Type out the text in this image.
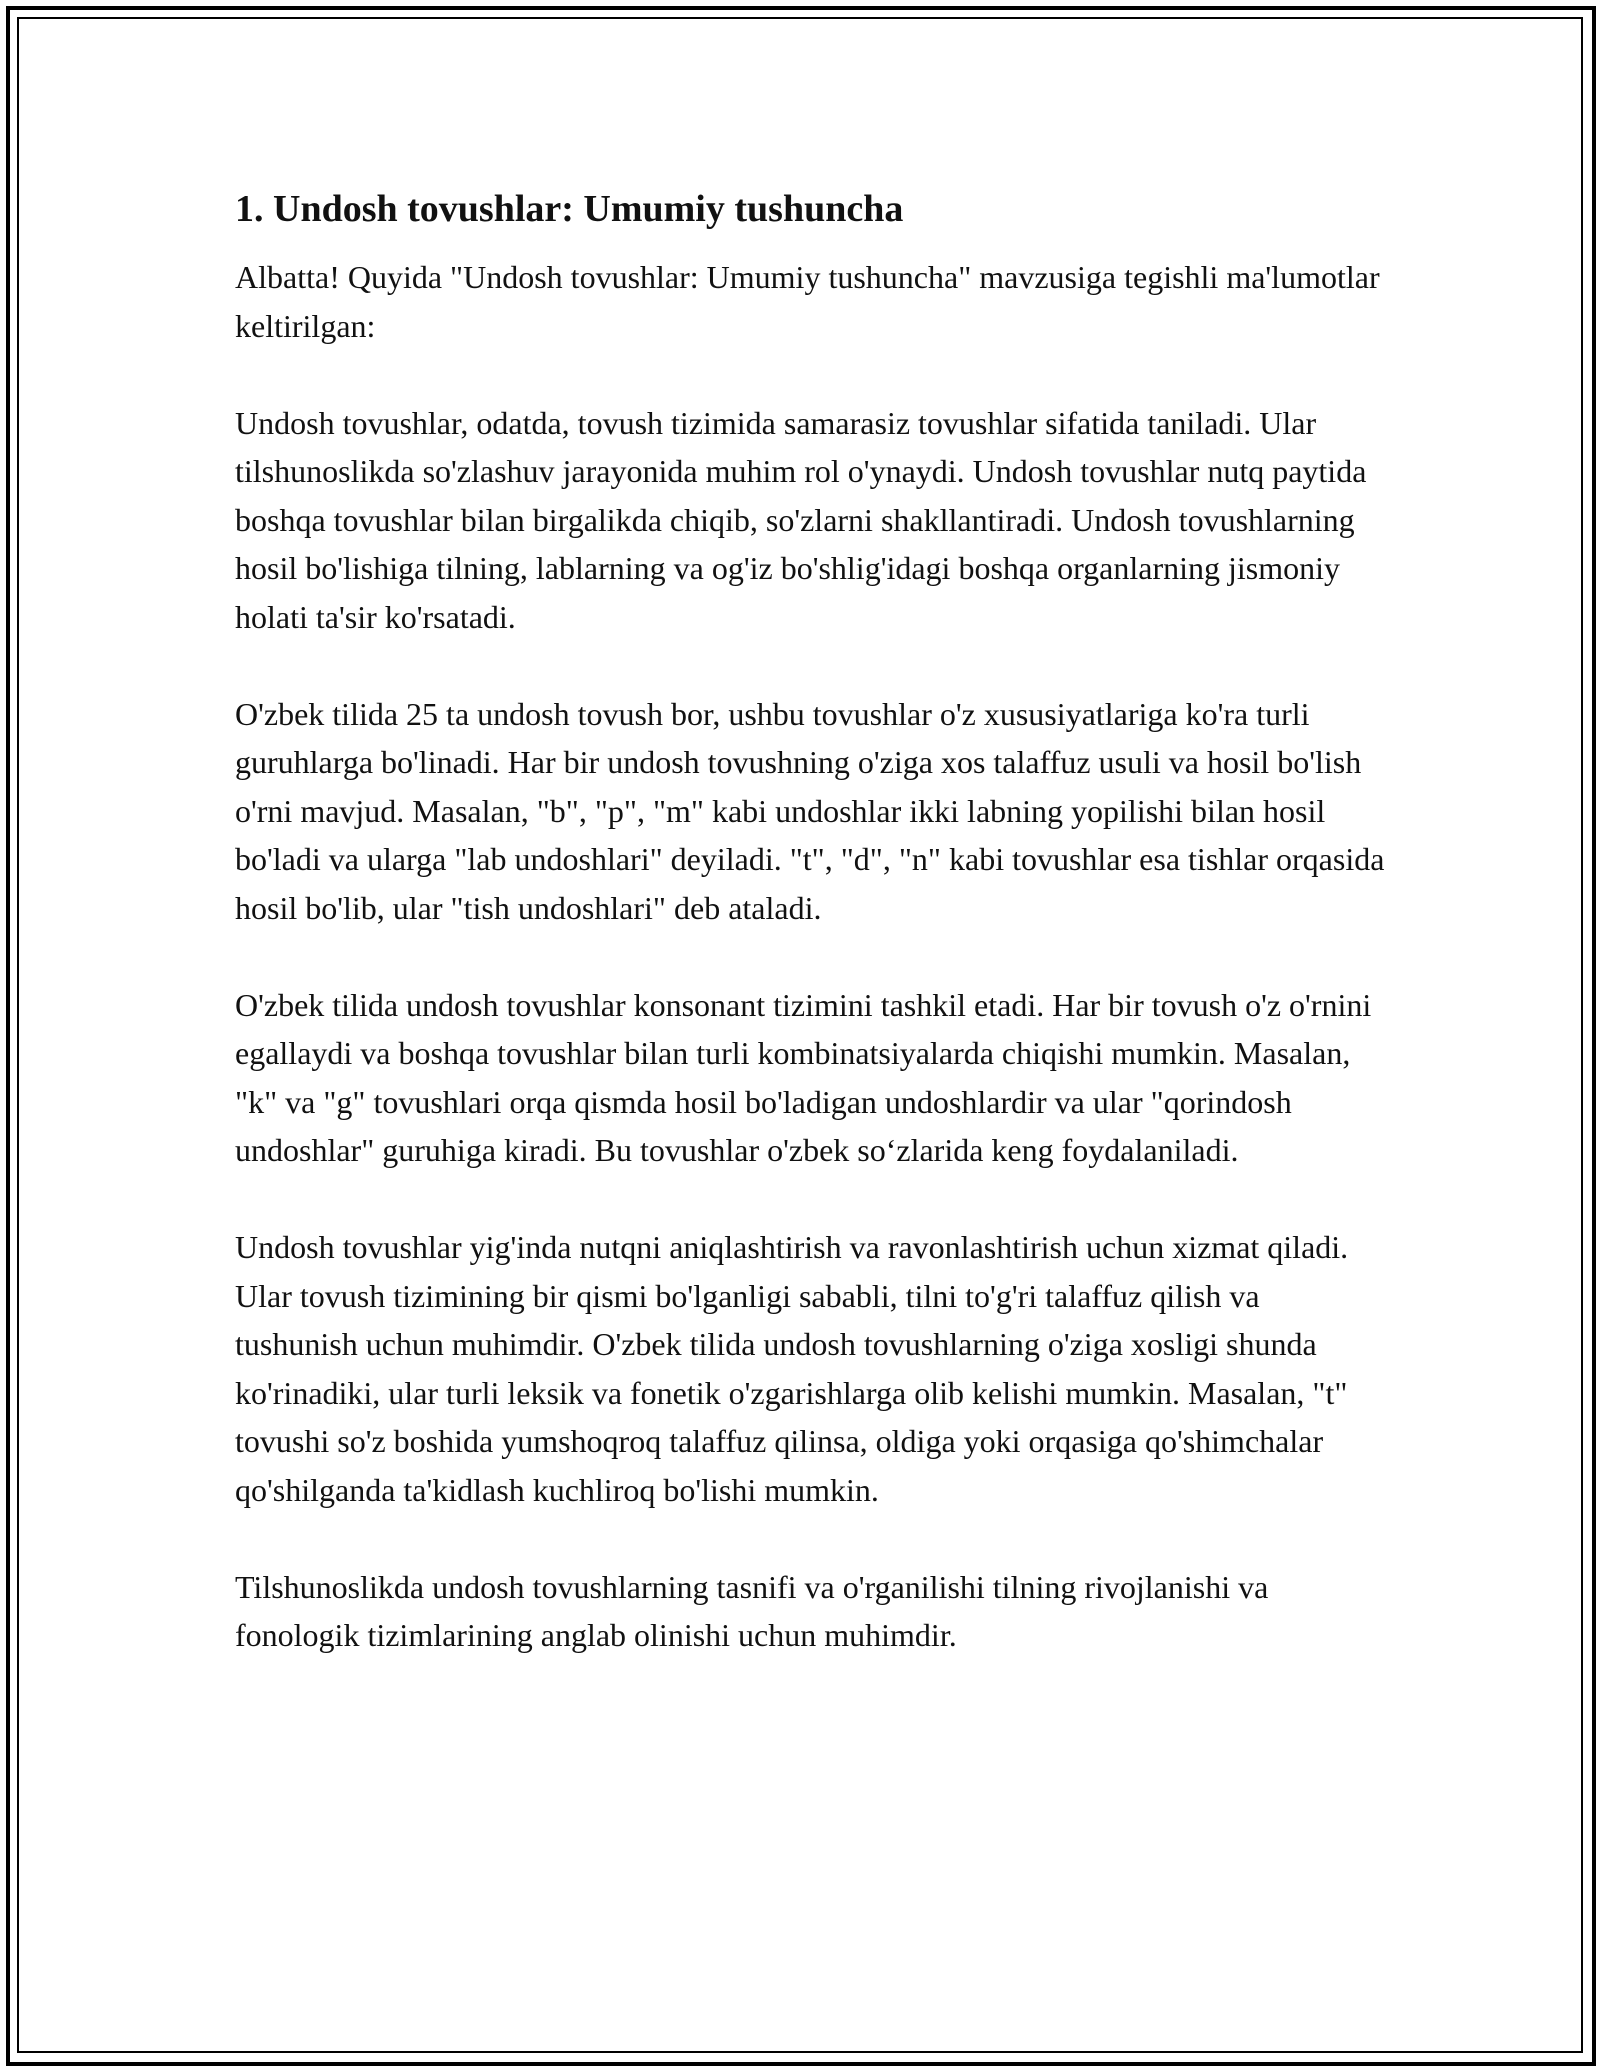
1. Undosh tovushlar: Umumiy tushuncha

Albatta! Quyida "Undosh tovushlar: Umumiy tushuncha" mavzusiga tegishli ma'lumotlar keltirilgan:

Undosh tovushlar, odatda, tovush tizimida samarasiz tovushlar sifatida taniladi. Ular tilshunoslikda so'zlashuv jarayonida muhim rol o'ynaydi. Undosh tovushlar nutq paytida boshqa tovushlar bilan birgalikda chiqib, so'zlarni shakllantiradi. Undosh tovushlarning hosil bo'lishiga tilning, lablarning va og'iz bo'shlig'idagi boshqa organlarning jismoniy holati ta'sir ko'rsatadi.

O'zbek tilida 25 ta undosh tovush bor, ushbu tovushlar o'z xususiyatlariga ko'ra turli guruhlarga bo'linadi. Har bir undosh tovushning o'ziga xos talaffuz usuli va hosil bo'lish o'rni mavjud. Masalan, "b", "p", "m" kabi undoshlar ikki labning yopilishi bilan hosil bo'ladi va ularga "lab undoshlari" deyiladi. "t", "d", "n" kabi tovushlar esa tishlar orqasida hosil bo'lib, ular "tish undoshlari" deb ataladi.

O'zbek tilida undosh tovushlar konsonant tizimini tashkil etadi. Har bir tovush o'z o'rnini egallaydi va boshqa tovushlar bilan turli kombinatsiyalarda chiqishi mumkin. Masalan, "k" va "g" tovushlari orqa qismda hosil bo'ladigan undoshlardir va ular "qorindosh undoshlar" guruhiga kiradi. Bu tovushlar o'zbek so‘zlarida keng foydalaniladi.

Undosh tovushlar yig'inda nutqni aniqlashtirish va ravonlashtirish uchun xizmat qiladi. Ular tovush tizimining bir qismi bo'lganligi sababli, tilni to'g'ri talaffuz qilish va tushunish uchun muhimdir. O'zbek tilida undosh tovushlarning o'ziga xosligi shunda ko'rinadiki, ular turli leksik va fonetik o'zgarishlarga olib kelishi mumkin. Masalan, "t" tovushi so'z boshida yumshoqroq talaffuz qilinsa, oldiga yoki orqasiga qo'shimchalar qo'shilganda ta'kidlash kuchliroq bo'lishi mumkin.

Tilshunoslikda undosh tovushlarning tasnifi va o'rganilishi tilning rivojlanishi va fonologik tizimlarining anglab olinishi uchun muhimdir.
